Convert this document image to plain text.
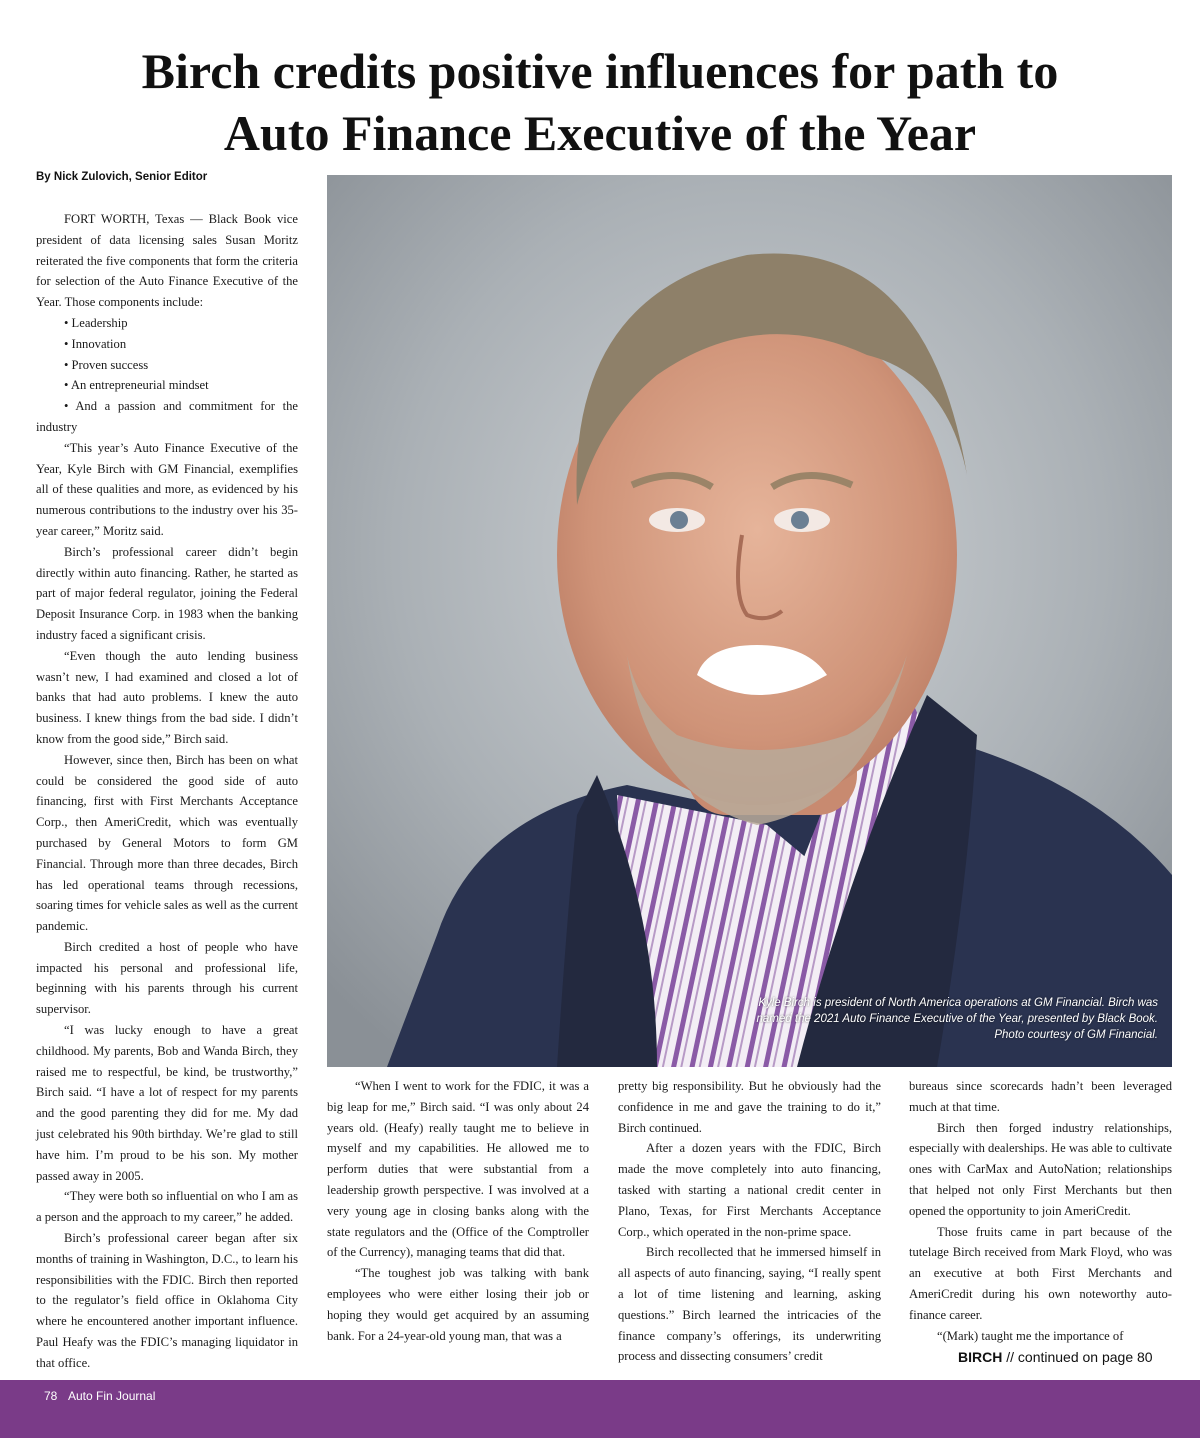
Birch credits positive influences for path to
Auto Finance Executive of the Year
By Nick Zulovich, Senior Editor

FORT WORTH, Texas — Black Book vice president of data licensing sales Susan Moritz reiterated the five components that form the criteria for selection of the Auto Finance Executive of the Year. Those components include:

• Leadership
• Innovation
• Proven success
• An entrepreneurial mindset
• And a passion and commitment for the industry

“This year’s Auto Finance Executive of the Year, Kyle Birch with GM Financial, exemplifies all of these qualities and more, as evidenced by his numerous contributions to the industry over his 35-year career,” Moritz said.

Birch’s professional career didn’t begin directly within auto financing. Rather, he started as part of major federal regulator, joining the Federal Deposit Insurance Corp. in 1983 when the banking industry faced a significant crisis.

“Even though the auto lending business wasn’t new, I had examined and closed a lot of banks that had auto problems. I knew the auto business. I knew things from the bad side. I didn’t know from the good side,” Birch said.

However, since then, Birch has been on what could be considered the good side of auto financing, first with First Merchants Acceptance Corp., then AmeriCredit, which was eventually purchased by General Motors to form GM Financial. Through more than three decades, Birch has led operational teams through recessions, soaring times for vehicle sales as well as the current pandemic.

Birch credited a host of people who have impacted his personal and professional life, beginning with his parents through his current supervisor.

“I was lucky enough to have a great childhood. My parents, Bob and Wanda Birch, they raised me to respectful, be kind, be trustworthy,” Birch said. “I have a lot of respect for my parents and the good parenting they did for me. My dad just celebrated his 90th birthday. We’re glad to still have him. I’m proud to be his son. My mother passed away in 2005.

“They were both so influential on who I am as a person and the approach to my career,” he added.

Birch’s professional career began after six months of training in Washington, D.C., to learn his responsibilities with the FDIC. Birch then reported to the regulator’s field office in Oklahoma City where he encountered another important influence. Paul Heafy was the FDIC’s managing liquidator in that office.

Kyle Birch is president of North America operations at GM Financial. Birch was named the 2021 Auto Finance Executive of the Year, presented by Black Book. Photo courtesy of GM Financial.

“When I went to work for the FDIC, it was a big leap for me,” Birch said. “I was only about 24 years old. (Heafy) really taught me to believe in myself and my capabilities. He allowed me to perform duties that were substantial from a leadership growth perspective. I was involved at a very young age in closing banks along with the state regulators and the (Office of the Comptroller of the Currency), managing teams that did that.

“The toughest job was talking with bank employees who were either losing their job or hoping they would get acquired by an assuming bank. For a 24-year-old young man, that was a

pretty big responsibility. But he obviously had the confidence in me and gave the training to do it,” Birch continued.

After a dozen years with the FDIC, Birch made the move completely into auto financing, tasked with starting a national credit center in Plano, Texas, for First Merchants Acceptance Corp., which operated in the non-prime space.

Birch recollected that he immersed himself in all aspects of auto financing, saying, “I really spent a lot of time listening and learning, asking questions.” Birch learned the intricacies of the finance company’s offerings, its underwriting process and dissecting consumers’ credit

bureaus since scorecards hadn’t been leveraged much at that time.

Birch then forged industry relationships, especially with dealerships. He was able to cultivate ones with CarMax and AutoNation; relationships that helped not only First Merchants but then opened the opportunity to join AmeriCredit.

Those fruits came in part because of the tutelage Birch received from Mark Floyd, who was an executive at both First Merchants and AmeriCredit during his own noteworthy auto-finance career.

“(Mark) taught me the importance of

BIRCH // continued on page 80
78 Auto Fin Journal
